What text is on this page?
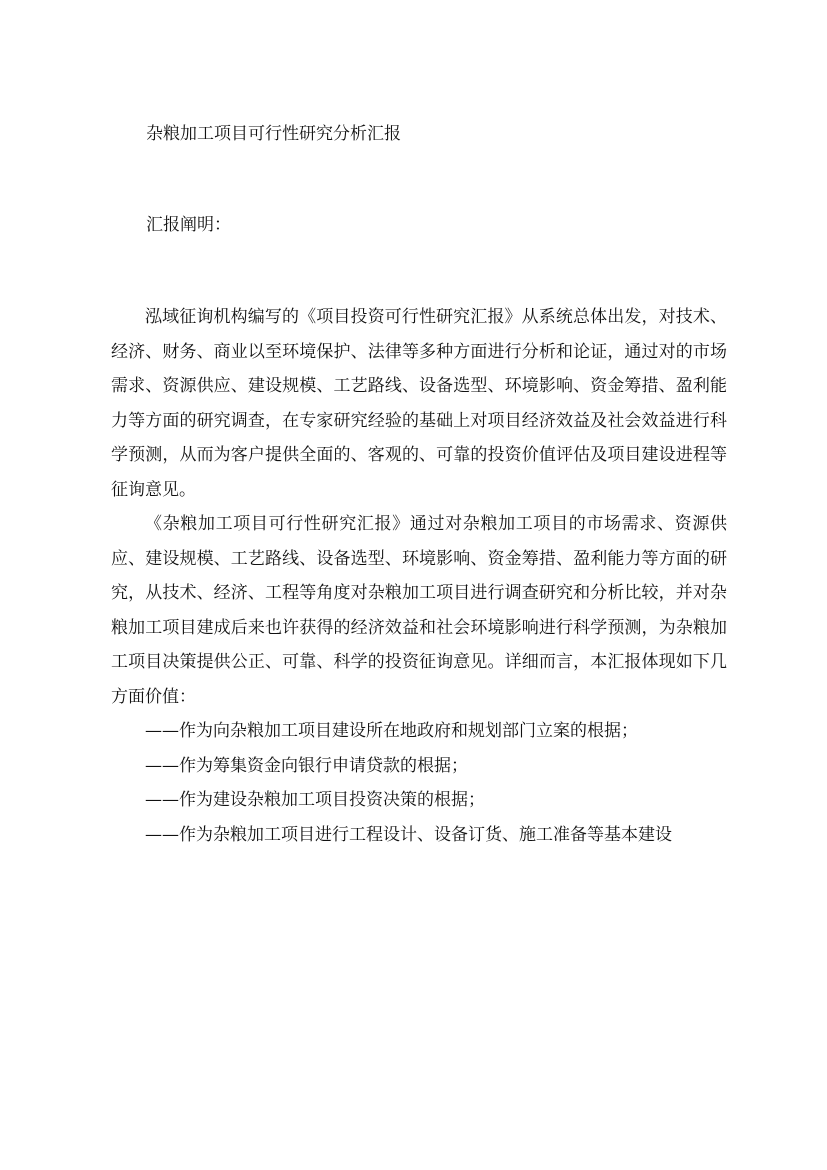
杂粮加工项目可行性研究分析汇报
汇报阐明：

泓域征询机构编写的《项目投资可行性研究汇报》从系统总体出发，对技术、经济、财务、商业以至环境保护、法律等多种方面进行分析和论证，通过对的市场需求、资源供应、建设规模、工艺路线、设备选型、环境影响、资金筹措、盈利能力等方面的研究调查，在专家研究经验的基础上对项目经济效益及社会效益进行科学预测，从而为客户提供全面的、客观的、可靠的投资价值评估及项目建设进程等征询意见。

《杂粮加工项目可行性研究汇报》通过对杂粮加工项目的市场需求、资源供应、建设规模、工艺路线、设备选型、环境影响、资金筹措、盈利能力等方面的研究，从技术、经济、工程等角度对杂粮加工项目进行调查研究和分析比较，并对杂粮加工项目建成后来也许获得的经济效益和社会环境影响进行科学预测，为杂粮加工项目决策提供公正、可靠、科学的投资征询意见。详细而言，本汇报体现如下几方面价值：

——作为向杂粮加工项目建设所在地政府和规划部门立案的根据；

——作为筹集资金向银行申请贷款的根据；

——作为建设杂粮加工项目投资决策的根据；

——作为杂粮加工项目进行工程设计、设备订货、施工准备等基本建设
